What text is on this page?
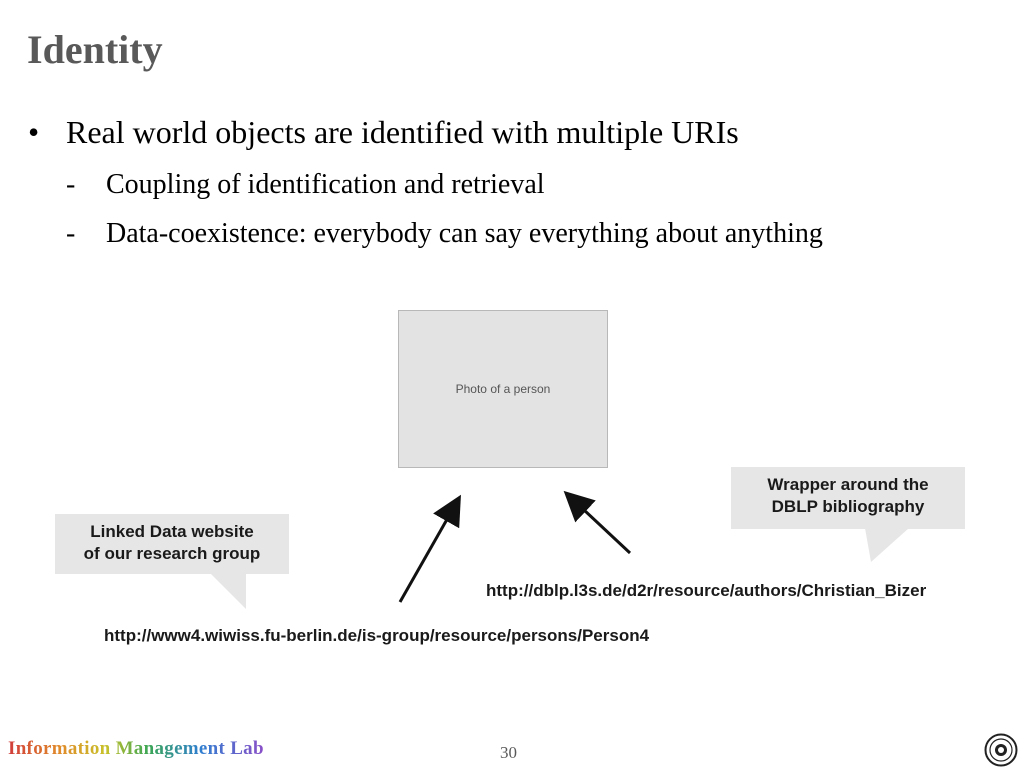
Identity
• Real world objects are identified with multiple URIs
-	Coupling of identification and retrieval
-	Data-coexistence: everybody can say everything about anything
Photo of a person
Linked Data website
of our research group
Wrapper around the
DBLP bibliography
http://dblp.l3s.de/d2r/resource/authors/Christian_Bizer
http://www4.wiwiss.fu-berlin.de/is-group/resource/persons/Person4
Information Management Lab	30
